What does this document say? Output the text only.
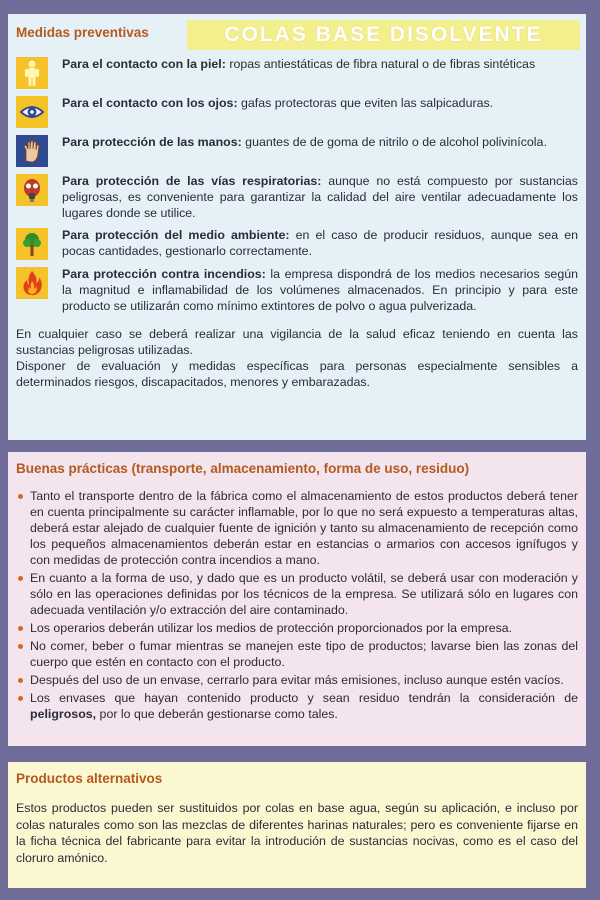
Medidas preventivas	COLAS BASE DISOLVENTE
Para el contacto con la piel: ropas antiestáticas de fibra natural o de fibras sintéticas
Para el contacto con los ojos: gafas protectoras que eviten las salpicaduras.
Para protección de las manos: guantes de de goma de nitrilo o de alcohol polivinícola.
Para protección de las vías respiratorias: aunque no está compuesto por sustancias peligrosas, es conveniente para garantizar la calidad del aire ventilar adecuadamente los lugares donde se utilice.
Para protección del medio ambiente: en el caso de producir residuos, aunque sea en pocas cantidades, gestionarlo correctamente.
Para protección contra incendios: la empresa dispondrá de los medios necesarios según la magnitud e inflamabilidad de los volúmenes almacenados. En principio y para este producto se utilizarán como mínimo extintores de polvo o agua pulverizada.

En cualquier caso se deberá realizar una vigilancia de la salud eficaz teniendo en cuenta las sustancias peligrosas utilizadas.

Disponer de evaluación y medidas específicas para personas especialmente sensibles a determinados riesgos, discapacitados, menores y embarazadas.

Buenas prácticas (transporte, almacenamiento, forma de uso, residuo)
Tanto el transporte dentro de la fábrica como el almacenamiento de estos productos deberá tener en cuenta principalmente su carácter inflamable, por lo que no será expuesto a temperaturas altas, deberá estar alejado de cualquier fuente de ignición y tanto su almacenamiento de recepción como los pequeños almacenamientos deberán estar en estancias o armarios con accesos ignífugos y con medidas de protección contra incendios a mano.
En cuanto a la forma de uso, y dado que es un producto volátil, se deberá usar con moderación y sólo en las operaciones definidas por los técnicos de la empresa. Se utilizará sólo en lugares con adecuada ventilación y/o extracción del aire contaminado.
Los operarios deberán utilizar los medios de protección proporcionados por la empresa.
No comer, beber o fumar mientras se manejen este tipo de productos; lavarse bien las zonas del cuerpo que estén en contacto con el producto.
Después del uso de un envase, cerrarlo para evitar más emisiones, incluso aunque estén vacíos.
Los envases que hayan contenido producto y sean residuo tendrán la consideración de peligrosos, por lo que deberán gestionarse como tales.
Productos alternativos
Estos productos pueden ser sustituidos por colas en base agua, según su aplicación, e incluso por colas naturales como son las mezclas de diferentes harinas naturales; pero es conveniente fijarse en la ficha técnica del fabricante para evitar la introdución de sustancias nocivas, como es el caso del cloruro amónico.
